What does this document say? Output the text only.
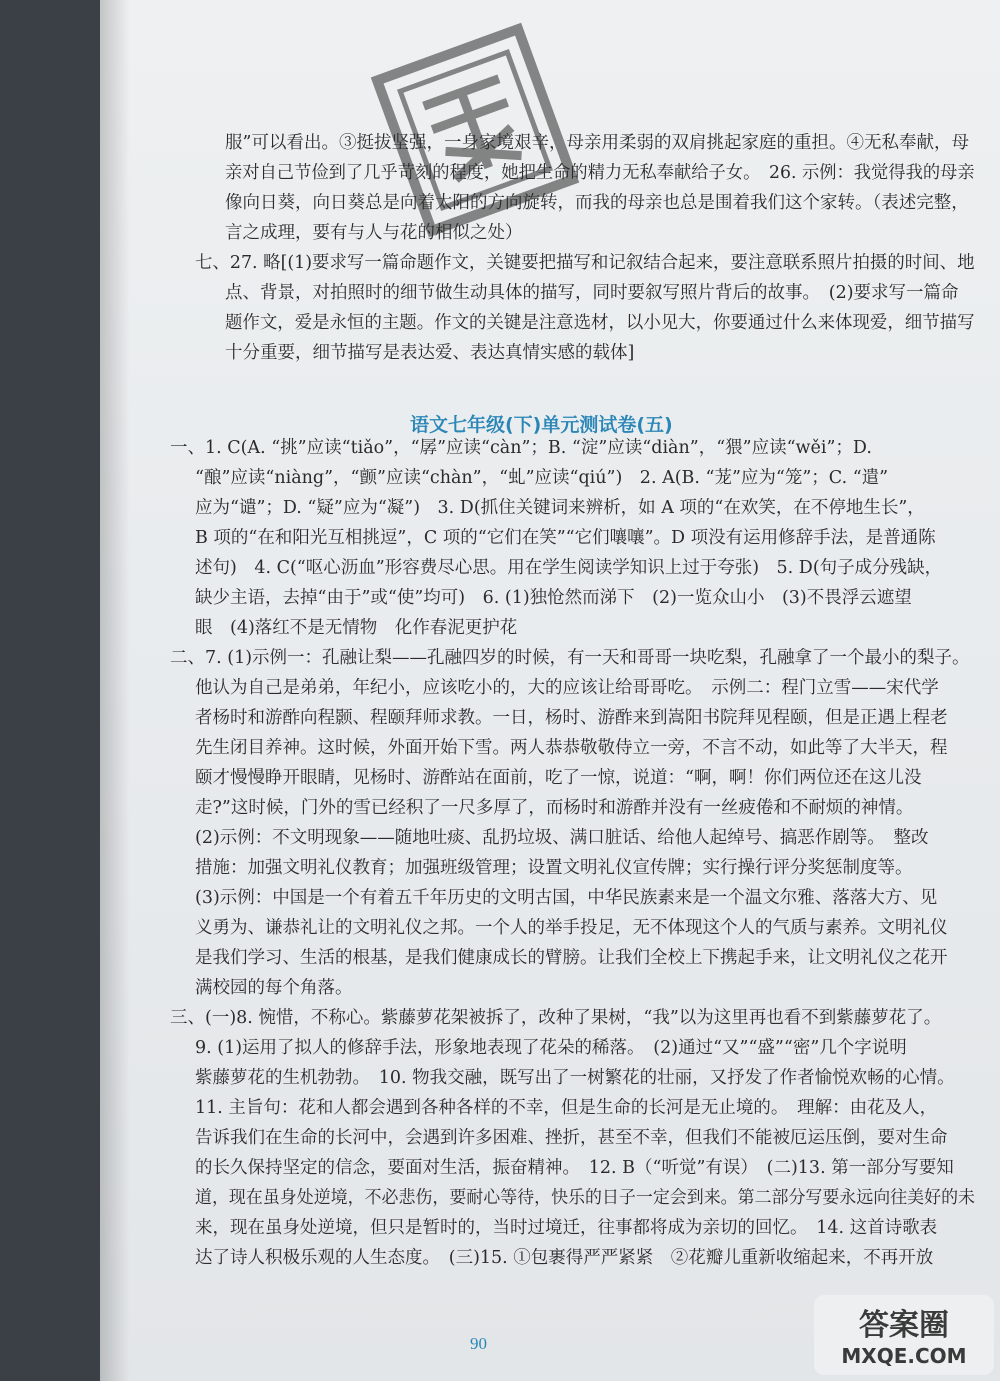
服”可以看出。③挺拔坚强，一身家境艰辛，母亲用柔弱的双肩挑起家庭的重担。④无私奉献，母
亲对自己节俭到了几乎苛刻的程度，她把生命的精力无私奉献给子女。　26. 示例：我觉得我的母亲
像向日葵，向日葵总是向着太阳的方向旋转，而我的母亲也总是围着我们这个家转。（表述完整，
言之成理，要有与人与花的相似之处）
七、27. 略[(1)要求写一篇命题作文，关键要把描写和记叙结合起来，要注意联系照片拍摄的时间、地
点、背景，对拍照时的细节做生动具体的描写，同时要叙写照片背后的故事。　(2)要求写一篇命
题作文，爱是永恒的主题。作文的关键是注意选材，以小见大，你要通过什么来体现爱，细节描写
十分重要，细节描写是表达爱、表达真情实感的载体]
一、1. C(A. “挑”应读“tiǎo”，“孱”应读“càn”；B. “淀”应读“diàn”，“猥”应读“wěi”；D.
“酿”应读“niàng”，“颤”应读“chàn”，“虬”应读“qiú”)　2. A(B. “茏”应为“笼”；C. “遣”
应为“谴”；D. “疑”应为“凝”)　3. D(抓住关键词来辨析，如 A 项的“在欢笑，在不停地生长”，
B 项的“在和阳光互相挑逗”，C 项的“它们在笑”“它们嚷嚷”。D 项没有运用修辞手法，是普通陈
述句)　4. C(“呕心沥血”形容费尽心思。用在学生阅读学知识上过于夸张)　5. D(句子成分残缺，
缺少主语，去掉“由于”或“使”均可)　6. (1)独怆然而涕下　(2)一览众山小　(3)不畏浮云遮望
眼　(4)落红不是无情物　化作春泥更护花
二、7. (1)示例一：孔融让梨——孔融四岁的时候，有一天和哥哥一块吃梨，孔融拿了一个最小的梨子。
他认为自己是弟弟，年纪小，应该吃小的，大的应该让给哥哥吃。　示例二：程门立雪——宋代学
者杨时和游酢向程颢、程颐拜师求教。一日，杨时、游酢来到嵩阳书院拜见程颐，但是正遇上程老
先生闭目养神。这时候，外面开始下雪。两人恭恭敬敬侍立一旁，不言不动，如此等了大半天，程
颐才慢慢睁开眼睛，见杨时、游酢站在面前，吃了一惊，说道：“啊，啊！你们两位还在这儿没
走?”这时候，门外的雪已经积了一尺多厚了，而杨时和游酢并没有一丝疲倦和不耐烦的神情。
(2)示例：不文明现象——随地吐痰、乱扔垃圾、满口脏话、给他人起绰号、搞恶作剧等。　整改
措施：加强文明礼仪教育；加强班级管理；设置文明礼仪宣传牌；实行操行评分奖惩制度等。
(3)示例：中国是一个有着五千年历史的文明古国，中华民族素来是一个温文尔雅、落落大方、见
义勇为、谦恭礼让的文明礼仪之邦。一个人的举手投足，无不体现这个人的气质与素养。文明礼仪
是我们学习、生活的根基，是我们健康成长的臂膀。让我们全校上下携起手来，让文明礼仪之花开
满校园的每个角落。
三、(一)8. 惋惜，不称心。紫藤萝花架被拆了，改种了果树，“我”以为这里再也看不到紫藤萝花了。
9. (1)运用了拟人的修辞手法，形象地表现了花朵的稀落。　(2)通过“又”“盛”“密”几个字说明
紫藤萝花的生机勃勃。　10. 物我交融，既写出了一树繁花的壮丽，又抒发了作者愉悦欢畅的心情。
11. 主旨句：花和人都会遇到各种各样的不幸，但是生命的长河是无止境的。　理解：由花及人，
告诉我们在生命的长河中，会遇到许多困难、挫折，甚至不幸，但我们不能被厄运压倒，要对生命
的长久保持坚定的信念，要面对生活，振奋精神。　12. B（“听觉”有误）　(二)13. 第一部分写要知
道，现在虽身处逆境，不必悲伤，要耐心等待，快乐的日子一定会到来。第二部分写要永远向往美好的未
来，现在虽身处逆境，但只是暂时的，当时过境迁，往事都将成为亲切的回忆。　14. 这首诗歌表
达了诗人积极乐观的人生态度。　(三)15. ①包裹得严严紧紧　②花瓣儿重新收缩起来，不再开放
语文七年级(下)单元测试卷(五)
90
答案圈
MXQE.COM
